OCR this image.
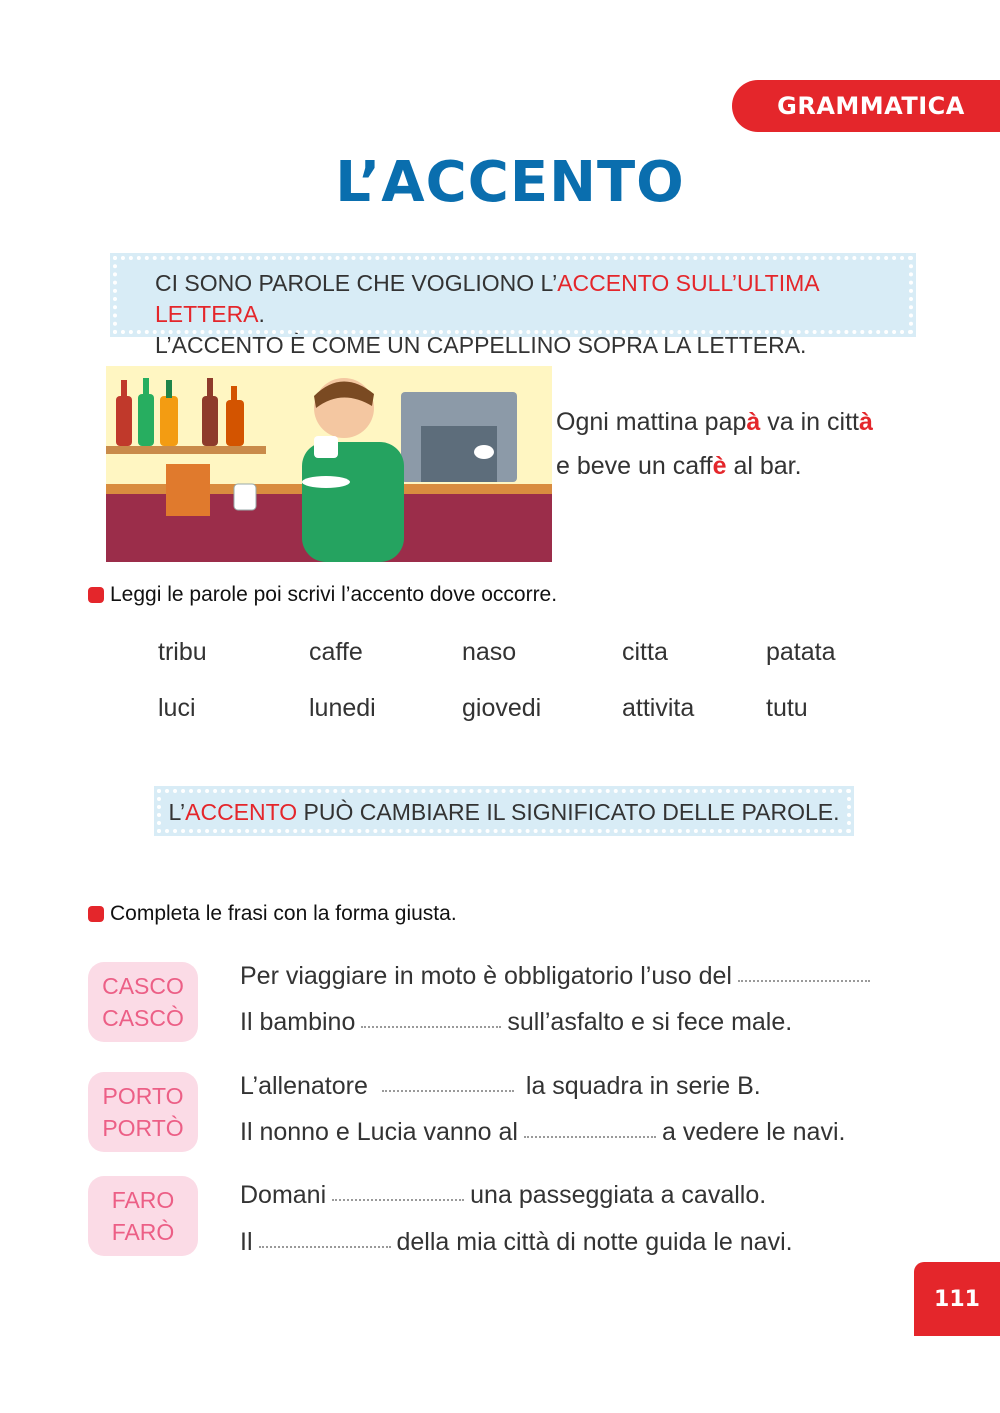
GRAMMATICA
L’ACCENTO
CI SONO PAROLE CHE VOGLIONO L’ACCENTO SULL’ULTIMA LETTERA.
L’ACCENTO È COME UN CAPPELLINO SOPRA LA LETTERA.
Ogni mattina papà va in città
e beve un caffè al bar.
Leggi le parole poi scrivi l’accento dove occorre.
tribu	caffe	naso	citta	patata
luci	lunedi	giovedi	attivita	tutu
L’ACCENTO PUÒ CAMBIARE IL SIGNIFICATO DELLE PAROLE.
Completa le frasi con la forma giusta.
CASCO
CASCÒ
Per viaggiare in moto è obbligatorio l’uso del
Il bambino	sull’asfalto e si fece male.
PORTO
PORTÒ
L’allenatore	la squadra in serie B.
Il nonno e Lucia vanno al	a vedere le navi.
FARO
FARÒ
Domani	una passeggiata a cavallo.
Il	della mia città di notte guida le navi.
111
